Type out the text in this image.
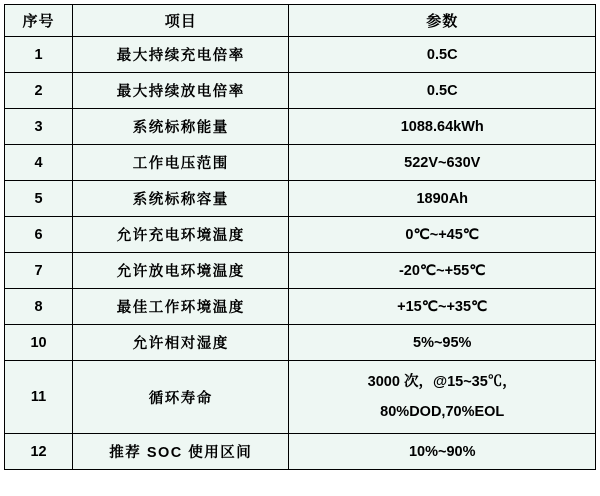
序号	项目	参数
1	最大持续充电倍率	0.5C

2	最大持续放电倍率	0.5C

3	系统标称能量	1088.64kWh

4	工作电压范围	522V~630V

5	系统标称容量	1890Ah

6	允许充电环境温度	0℃~+45℃

7	允许放电环境温度	-20℃~+55℃

8	最佳工作环境温度	+15℃~+35℃

10	允许相对湿度	5%~95%

11	循环寿命	3000 次，@15~35℃，
80%DOD,70%EOL

12	推荐 SOC 使用区间	10%~90%
